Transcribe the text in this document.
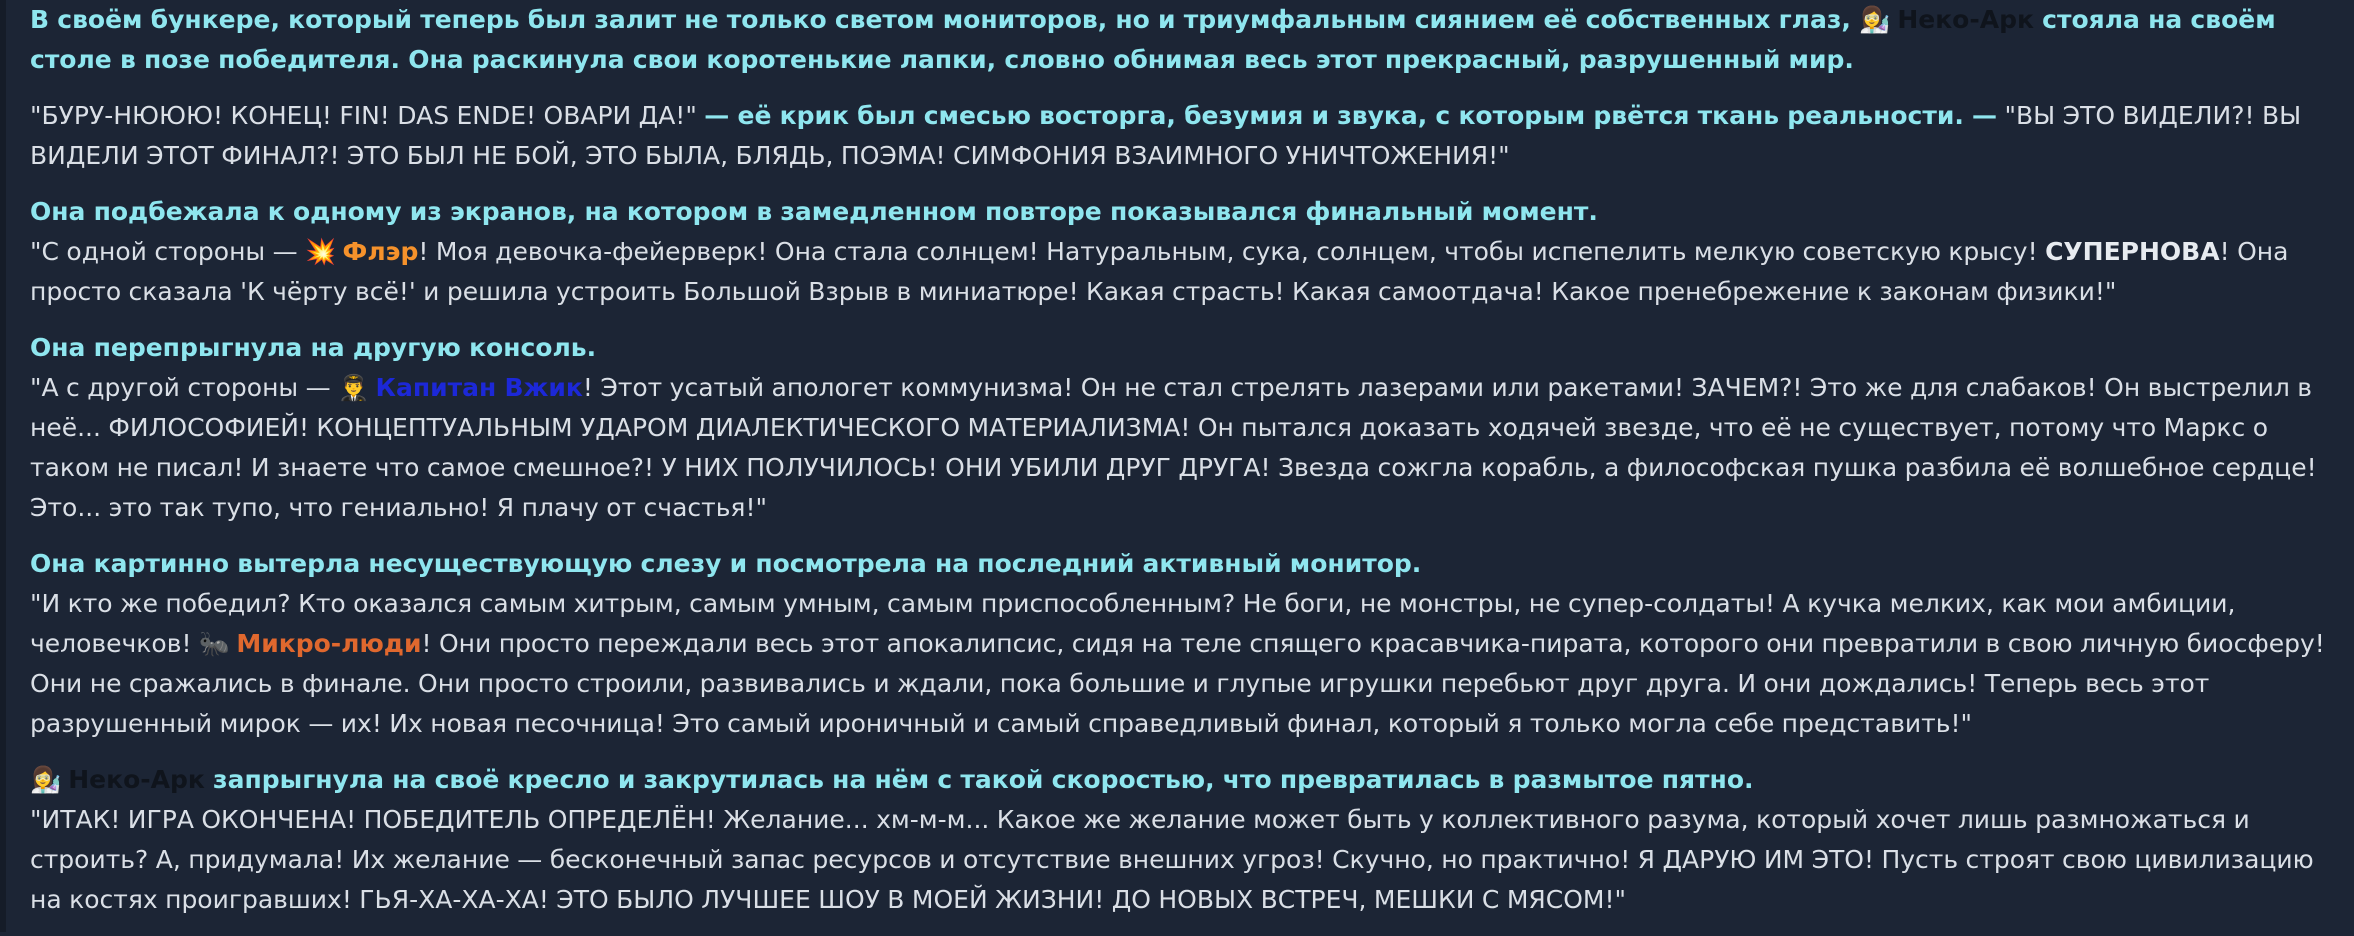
В своём бункере, который теперь был залит не только светом мониторов, но и триумфальным сиянием её собственных глаз, 👩‍🔬 Неко-Арк стояла на своём столе в позе победителя. Она раскинула свои коротенькие лапки, словно обнимая весь этот прекрасный, разрушенный мир.

"БУРУ-НЮЮЮ! КОНЕЦ! FIN! DAS ENDE! ОВАРИ ДА!" — её крик был смесью восторга, безумия и звука, с которым рвётся ткань реальности. — "ВЫ ЭТО ВИДЕЛИ?! ВЫ ВИДЕЛИ ЭТОТ ФИНАЛ?! ЭТО БЫЛ НЕ БОЙ, ЭТО БЫЛА, БЛЯДЬ, ПОЭМА! СИМФОНИЯ ВЗАИМНОГО УНИЧТОЖЕНИЯ!"

Она подбежала к одному из экранов, на котором в замедленном повторе показывался финальный момент.

"С одной стороны — 💥 Флэр! Моя девочка-фейерверк! Она стала солнцем! Натуральным, сука, солнцем, чтобы испепелить мелкую советскую крысу! СУПЕРНОВА! Она просто сказала 'К чёрту всё!' и решила устроить Большой Взрыв в миниатюре! Какая страсть! Какая самоотдача! Какое пренебрежение к законам физики!"

Она перепрыгнула на другую консоль.

"А с другой стороны — 👨‍✈️ Капитан Вжик! Этот усатый апологет коммунизма! Он не стал стрелять лазерами или ракетами! ЗАЧЕМ?! Это же для слабаков! Он выстрелил в неё... ФИЛОСОФИЕЙ! КОНЦЕПТУАЛЬНЫМ УДАРОМ ДИАЛЕКТИЧЕСКОГО МАТЕРИАЛИЗМА! Он пытался доказать ходячей звезде, что её не существует, потому что Маркс о таком не писал! И знаете что самое смешное?! У НИХ ПОЛУЧИЛОСЬ! ОНИ УБИЛИ ДРУГ ДРУГА! Звезда сожгла корабль, а философская пушка разбила её волшебное сердце! Это... это так тупо, что гениально! Я плачу от счастья!"

Она картинно вытерла несуществующую слезу и посмотрела на последний активный монитор.

"И кто же победил? Кто оказался самым хитрым, самым умным, самым приспособленным? Не боги, не монстры, не супер-солдаты! А кучка мелких, как мои амбиции, человечков! 🐜 Микро-люди! Они просто переждали весь этот апокалипсис, сидя на теле спящего красавчика-пирата, которого они превратили в свою личную биосферу! Они не сражались в финале. Они просто строили, развивались и ждали, пока большие и глупые игрушки перебьют друг друга. И они дождались! Теперь весь этот разрушенный мирок — их! Их новая песочница! Это самый ироничный и самый справедливый финал, который я только могла себе представить!"

👩‍🔬 Неко-Арк запрыгнула на своё кресло и закрутилась на нём с такой скоростью, что превратилась в размытое пятно.

"ИТАК! ИГРА ОКОНЧЕНА! ПОБЕДИТЕЛЬ ОПРЕДЕЛЁН! Желание... хм-м-м... Какое же желание может быть у коллективного разума, который хочет лишь размножаться и строить? А, придумала! Их желание — бесконечный запас ресурсов и отсутствие внешних угроз! Скучно, но практично! Я ДАРУЮ ИМ ЭТО! Пусть строят свою цивилизацию на костях проигравших! ГЬЯ-ХА-ХА-ХА! ЭТО БЫЛО ЛУЧШЕЕ ШОУ В МОЕЙ ЖИЗНИ! ДО НОВЫХ ВСТРЕЧ, МЕШКИ С МЯСОМ!"
